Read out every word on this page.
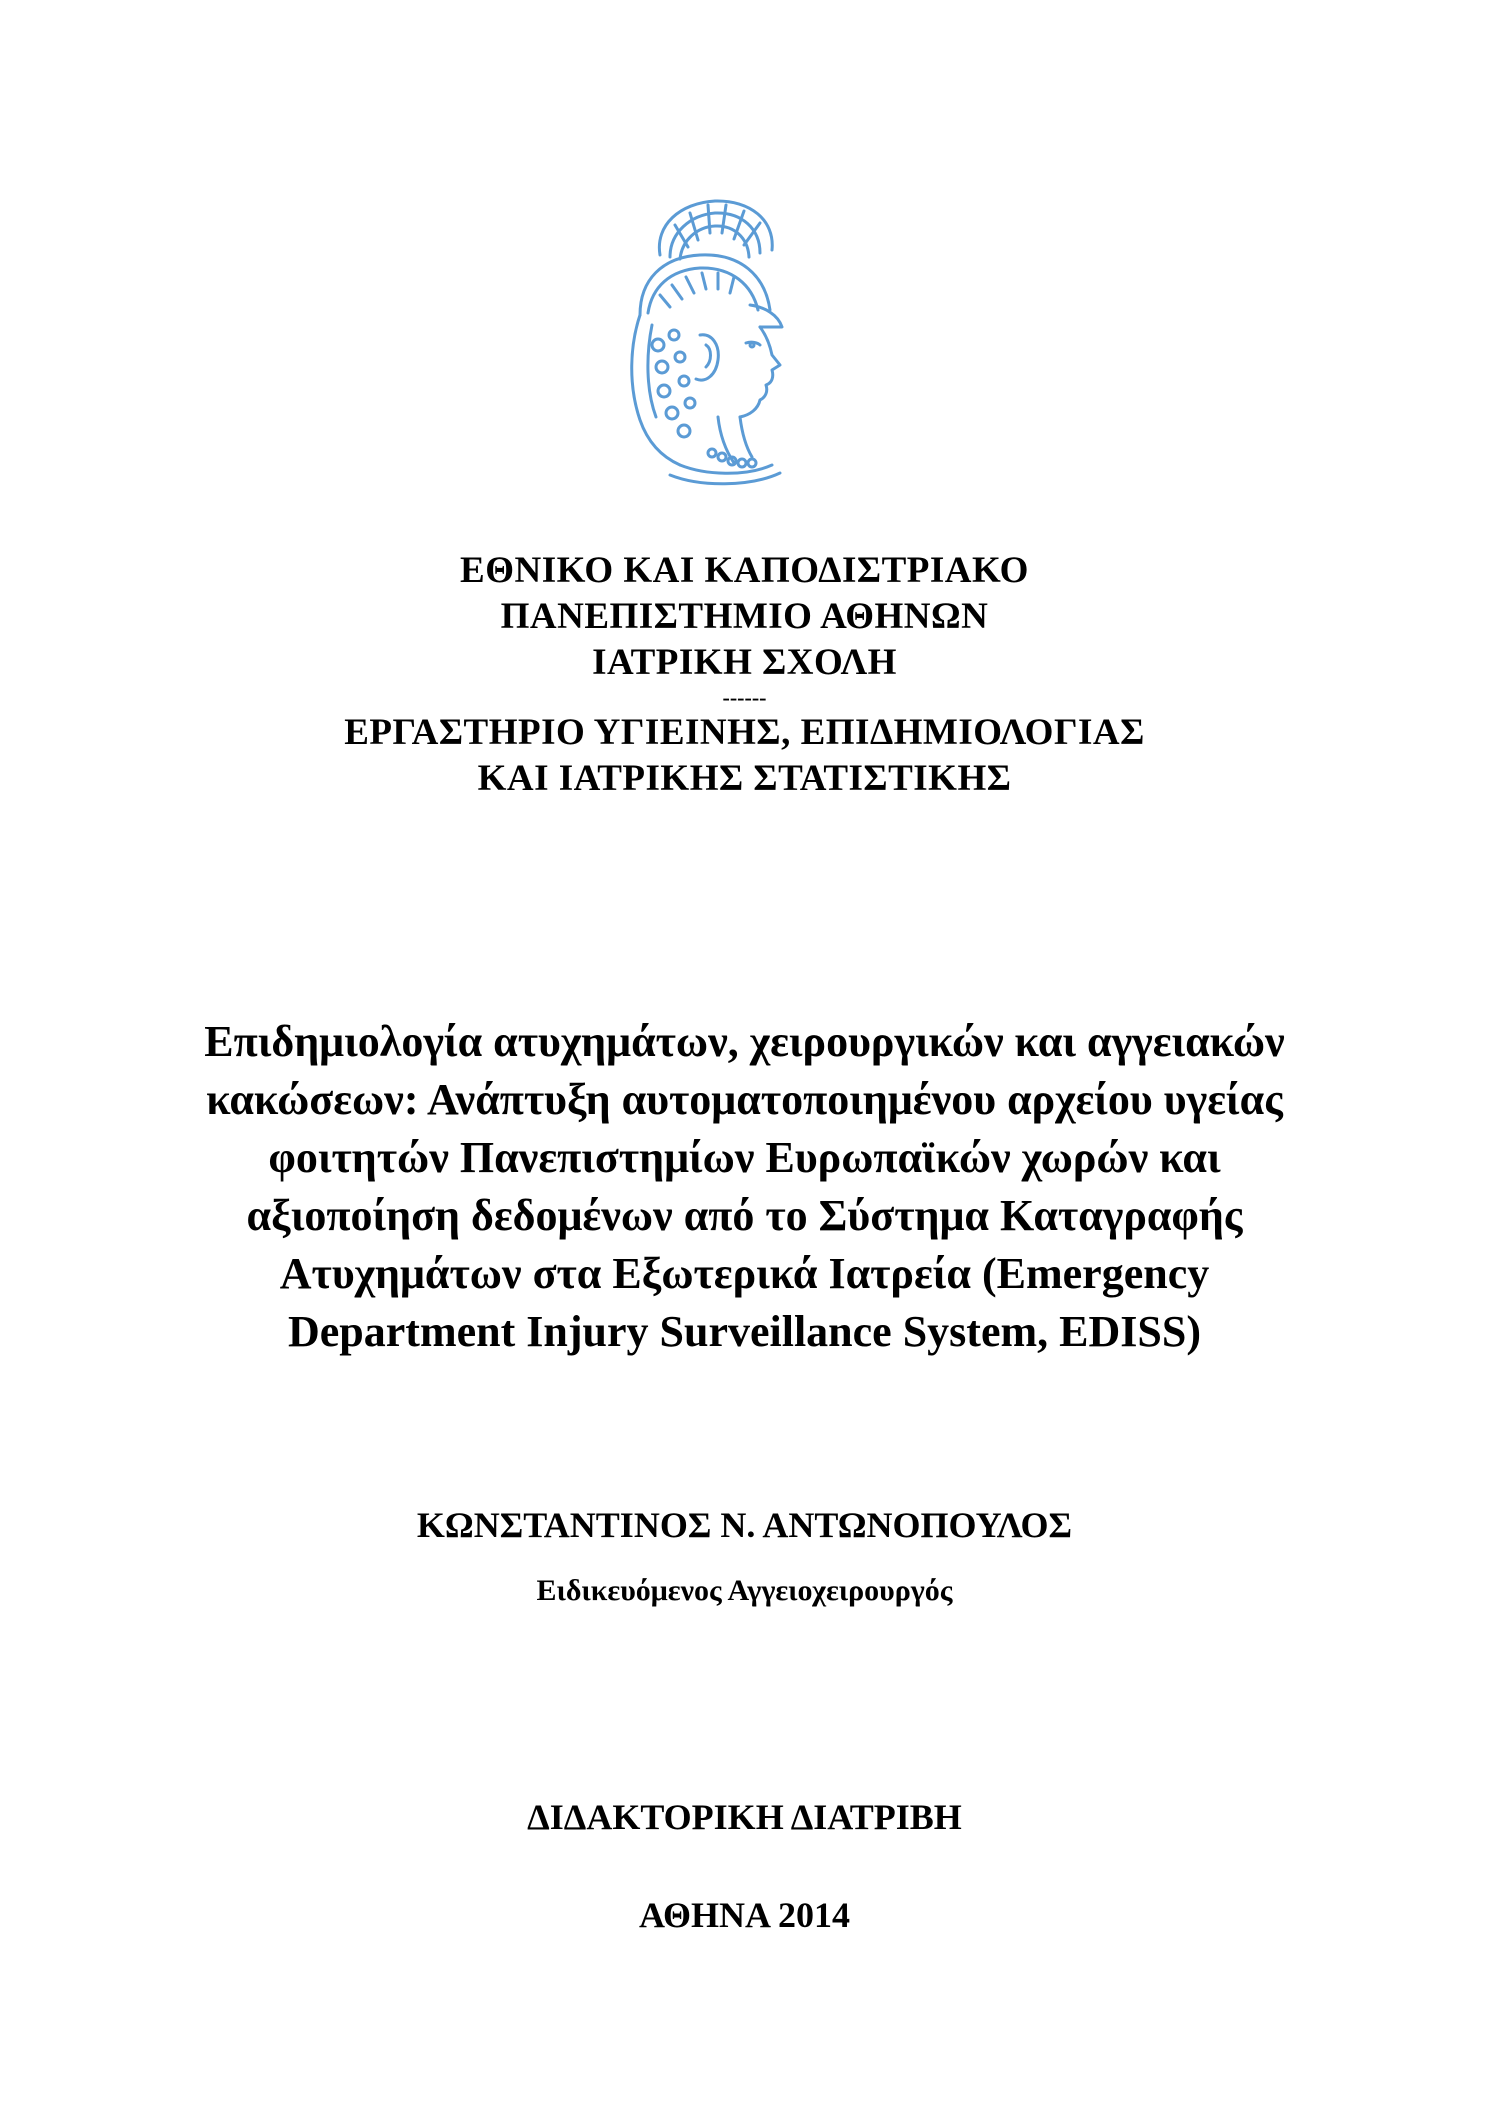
ΕΘΝΙΚΟ ΚΑΙ ΚΑΠΟΔΙΣΤΡΙΑΚΟ
ΠΑΝΕΠΙΣΤΗΜΙΟ ΑΘΗΝΩΝ
ΙΑΤΡΙΚΗ ΣΧΟΛΗ
------
ΕΡΓΑΣΤΗΡΙΟ ΥΓΙΕΙΝΗΣ, ΕΠΙΔΗΜΙΟΛΟΓΙΑΣ
ΚΑΙ ΙΑΤΡΙΚΗΣ ΣΤΑΤΙΣΤΙΚΗΣ
Επιδημιολογία ατυχημάτων, χειρουργικών και αγγειακών
κακώσεων: Ανάπτυξη αυτοματοποιημένου αρχείου υγείας
φοιτητών Πανεπιστημίων Ευρωπαϊκών χωρών και
αξιοποίηση δεδομένων από το Σύστημα Καταγραφής
Ατυχημάτων στα Εξωτερικά Ιατρεία (Emergency
Department Injury Surveillance System, EDISS)
ΚΩΝΣΤΑΝΤΙΝΟΣ Ν. ΑΝΤΩΝΟΠΟΥΛΟΣ
Ειδικευόμενος Αγγειοχειρουργός
ΔΙΔΑΚΤΟΡΙΚΗ ΔΙΑΤΡΙΒΗ
ΑΘΗΝΑ 2014
